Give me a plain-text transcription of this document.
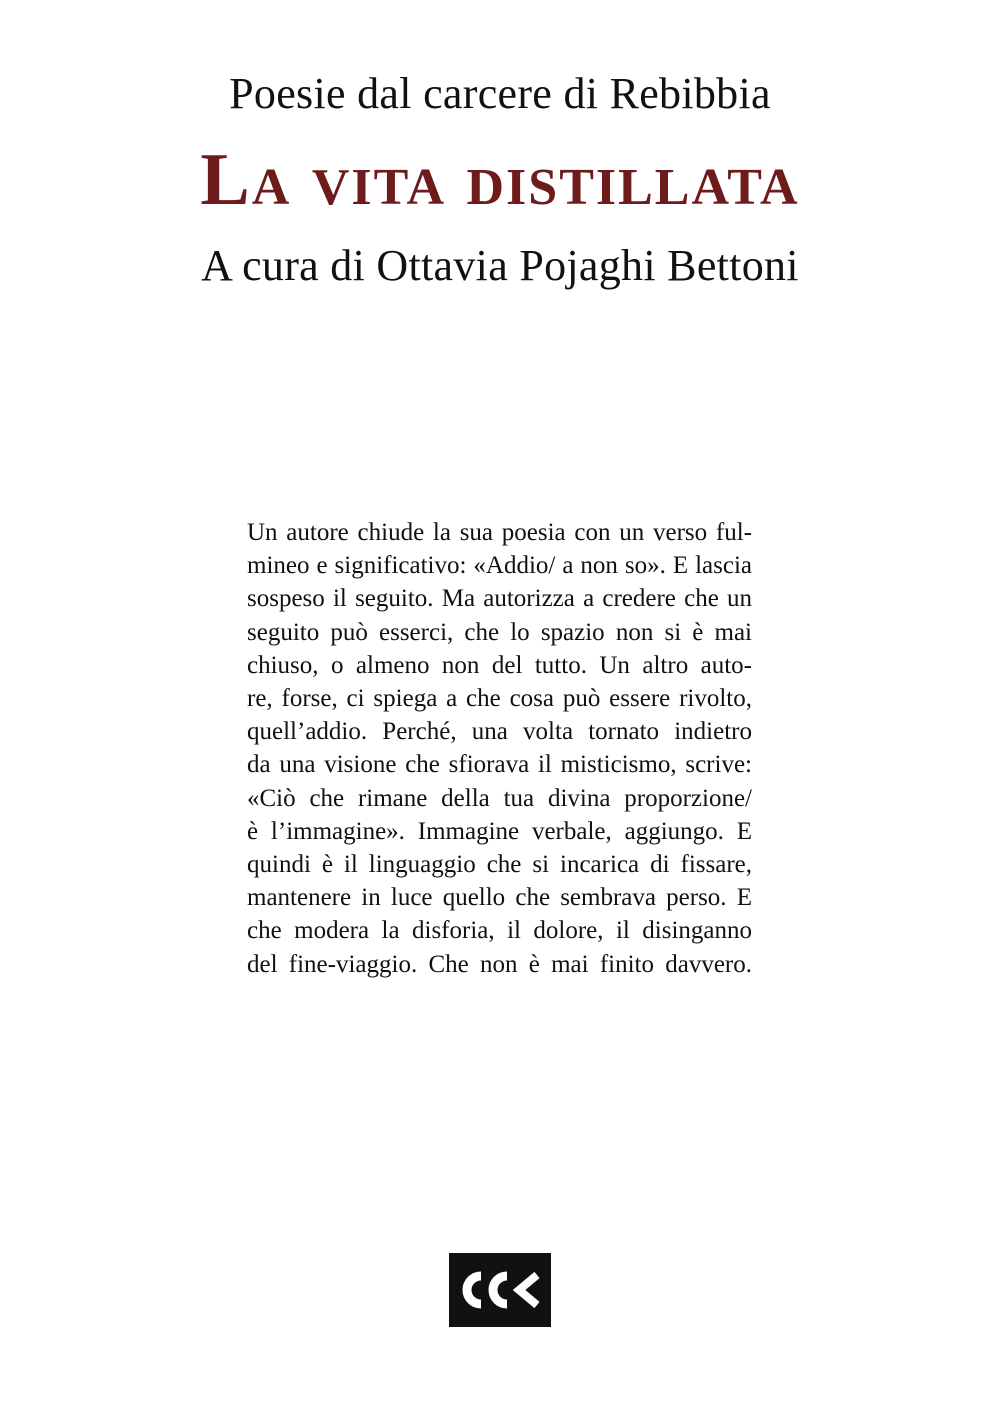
Poesie dal carcere di Rebibbia
La vita distillata
A cura di Ottavia Pojaghi Bettoni
Un autore chiude la sua poesia con un verso ful-
mineo e significativo: «Addio/ a non so». E lascia
sospeso il seguito. Ma autorizza a credere che un
seguito può esserci, che lo spazio non si è mai
chiuso, o almeno non del tutto. Un altro auto-
re, forse, ci spiega a che cosa può essere rivolto,
quell’addio. Perché, una volta tornato indietro
da una visione che sfiorava il misticismo, scrive:
«Ciò che rimane della tua divina proporzione/
è l’immagine». Immagine verbale, aggiungo. E
quindi è il linguaggio che si incarica di fissare,
mantenere in luce quello che sembrava perso. E
che modera la disforia, il dolore, il disinganno
del fine-viaggio. Che non è mai finito davvero.
